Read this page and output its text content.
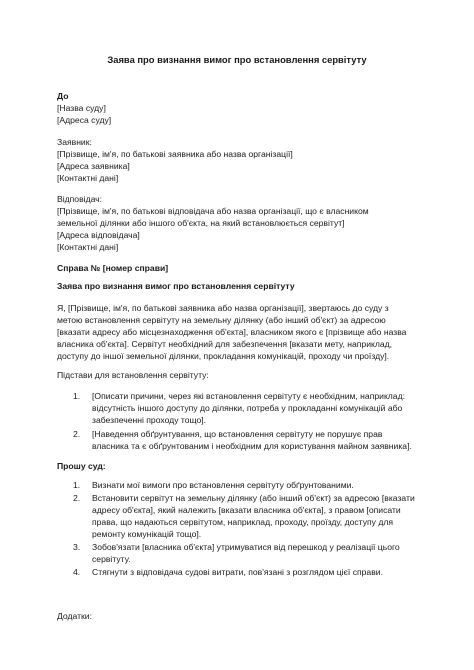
Заява про визнання вимог про встановлення сервітуту
До
[Назва суду]
[Адреса суду]
Заявник:
[Прізвище, ім'я, по батькові заявника або назва організації]
[Адреса заявника]
[Контактні дані]
Відповідач:
[Прізвище, ім'я, по батькові відповідача або назва організації, що є власником
земельної ділянки або іншого об'єкта, на який встановлюється сервітут]
[Адреса відповідача]
[Контактні дані]
Справа № [номер справи]
Заява про визнання вимог про встановлення сервітуту
Я, [Прізвище, ім'я, по батькові заявника або назва організації], звертаюсь до суду з
метою встановлення сервітуту на земельну ділянку (або інший об'єкт) за адресою
[вказати адресу або місцезнаходження об'єкта], власником якого є [прізвище або назва
власника об'єкта]. Сервітут необхідний для забезпечення [вказати мету, наприклад,
доступу до іншої земельної ділянки, прокладання комунікацій, проходу чи проїзду].
Підстави для встановлення сервітуту:
1. [Описати причини, через які встановлення сервітуту є необхідним, наприклад:
відсутність іншого доступу до ділянки, потреба у прокладанні комунікацій або
забезпеченні проходу тощо].
2. [Наведення обґрунтування, що встановлення сервітуту не порушує прав
власника та є обґрунтованим і необхідним для користування майном заявника].
Прошу суд:
1. Визнати мої вимоги про встановлення сервітуту обґрунтованими.
2. Встановити сервітут на земельну ділянку (або інший об'єкт) за адресою [вказати
адресу об'єкта], який належить [вказати власника об'єкта], з правом [описати
права, що надаються сервітутом, наприклад, проходу, проїзду, доступу для
ремонту комунікацій тощо].
3. Зобов'язати [власника об'єкта] утримуватися від перешкод у реалізації цього
сервітуту.
4. Стягнути з відповідача судові витрати, пов'язані з розглядом цієї справи.
Додатки:
